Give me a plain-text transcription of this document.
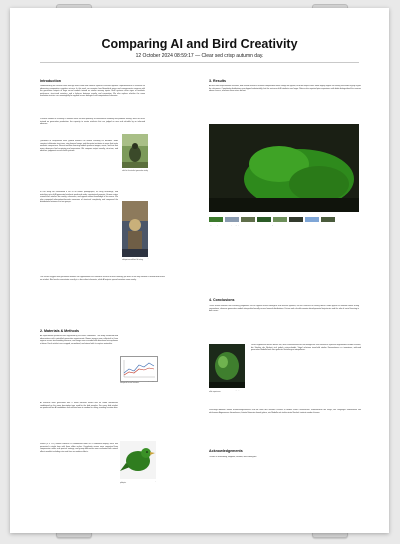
Comparing AI and Bird Creativity
12 October 2024 08:59:17 — Clear sed crisp autumn day.
Introduction
Understanding the creative drive through which birds and artificial systems construct dynamic representations is essential for advancing comparative cognitive science. In this work, we examine how Bowerbird songs and arrangements compare with the generative outputs of large neural models trained on similar sensory inputs. Both systems show signs of aesthetic preference, structured variation, and a balance between novelty and convention. We also explore whether the same evaluation metrics can meaningfully be applied across biological and computational domains.
Previous studies of creativity in animals have focused primarily on behavioural flexibility and problem solving. Here we focus instead on generative production: the capacity to create artefacts that are judged as new and valuable by an informed observer.
Questions of comparison have guided research on animal creativity for decades. Birds construct elaborate structures, sing learned songs, and decorate territories in ways that invite aesthetic comparison. Recent machine learning models produce images, music, and text that many observers find surprising and expressive. We compare output novelty, structure, and observer judgments across both systems.
Figure 1: A Bowerbird in a scene of forest collection used in the artefact generation study.
In this study we assembled a set of 40 bower photographs, 40 song recordings, and matching sets of AI-generated artefacts produced under constrained prompts. Human raters scored each artefact for novelty, coherence, and appeal without knowledge of its source. We also computed information-theoretic measures of structural complexity and compared the distributions between the two groups.
Figure 2: Example AI-generated image used as a comparison artefact for rating.
Our results suggest that generative models can approximate the statistical surface of bird creativity, yet differ in the way variation is distributed across an artefact. Bird works concentrate novelty in a few salient elements, while AI outputs spread variation more evenly.
2. Materials & Methods
All experimental protocols were approved by the ethics committee. The study combined field observations with controlled generation experiments. Bower images were collected in three regions across two breeding seasons, and songs were recorded with directional microphones at dawn. Each artefact was cropped, normalised, and stored with its capture metadata.
Figure 3: Spectrogram and artefact complexity profiles compared across sessions.
AI artefacts were generated with a latent diffusion model and an audio transformer conditioned on the same descriptive tags used for the bird samples. For every bird artefact we produced five AI candidates and selected one at random for rating, avoiding curation bias.
Figure 4: Bird and AI artefacts with matched descriptive prompts.
Raters (n = 112) viewed artefacts in randomised order on a calibrated display. Each trial presented a single item with three slider scales. Complexity scores were computed from compression ratios and spectral entropy, and group differences were evaluated with mixed-effects models including rater and item as random effects.
3. Results
Across three experimental sessions, bird and AI artefacts received comparable mean ratings for appeal, while AI outputs were rated slightly higher for novelty and birds slightly higher for coherence. Complexity distributions overlapped substantially, but the variance of AI artefacts was larger. Raters who reported prior experience with birds distinguished the sources above chance, whereas naive raters did not.
Figure 5: Representative bower photograph and selected artefact frames used in the rating task.
4. Conclusions
These results indicate that creativity judgments can be applied across biological and artificial systems, but the structure of novelty differs. Birds appear to innovate within strong conventions, whereas generative models interpolate broadly across learned distributions. Future work should examine developmental trajectories and the role of social learning in both cases.
Figure 6: Distribution of observer ratings by source and rater experience.
Diese Ergebnisse deuten darauf hin, dass Kreativitätsurteile auf biologische und künstliche Systeme angewendet werden können, die Struktur der Neuheit sich jedoch unterscheidet. Vögel scheinen innerhalb starker Konventionen zu innovieren, während generative Modelle breit über gelernte Verteilungen interpolieren.
Zukünftige Arbeiten sollten Entwicklungsverläufe und die Rolle des sozialen Lernens in beiden Fällen untersuchen. Insbesondere die Frage, wie Jungvögel Stilelemente von erfahrenen Artgenossen übernehmen, könnte Hinweise darauf geben, wie Modelle mit strukturierter Neuheit trainiert werden können.
Acknowledgements
Thanks to Rosenberg, Bagnoer, Maritno, and colleagues.
